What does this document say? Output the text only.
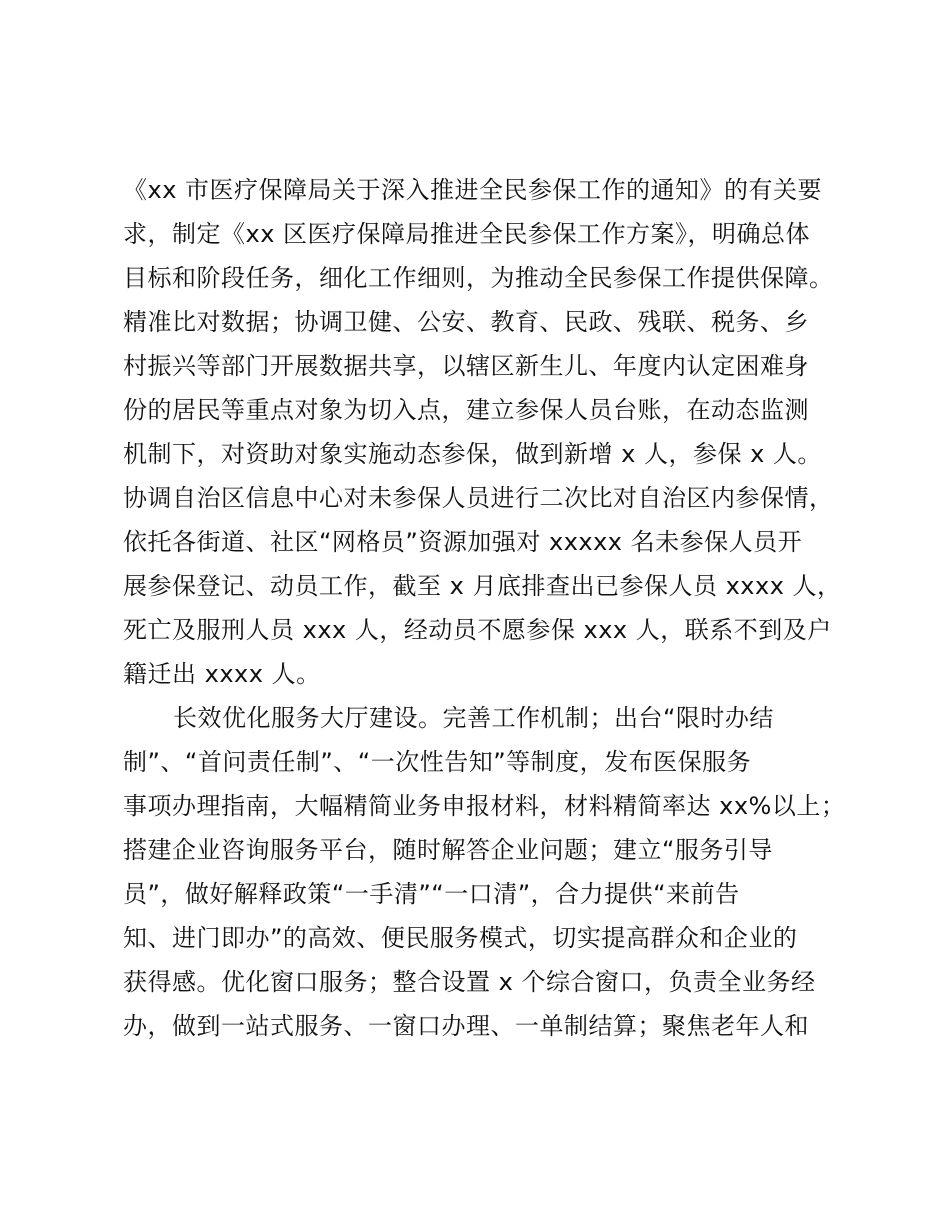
《xx 市医疗保障局关于深入推进全民参保工作的通知》的有关要
求，制定《xx 区医疗保障局推进全民参保工作方案》，明确总体
目标和阶段任务，细化工作细则，为推动全民参保工作提供保障。
精准比对数据；协调卫健、公安、教育、民政、残联、税务、乡
村振兴等部门开展数据共享，以辖区新生儿、年度内认定困难身
份的居民等重点对象为切入点，建立参保人员台账，在动态监测
机制下，对资助对象实施动态参保，做到新增 x 人，参保 x 人。
协调自治区信息中心对未参保人员进行二次比对自治区内参保情，
依托各街道、社区“网格员”资源加强对 xxxxx 名未参保人员开
展参保登记、动员工作，截至 x 月底排查出已参保人员 xxxx 人，
死亡及服刑人员 xxx 人，经动员不愿参保 xxx 人，联系不到及户
籍迁出 xxxx 人。
长效优化服务大厅建设。完善工作机制；出台“限时办结
制”、“首问责任制”、“一次性告知”等制度，发布医保服务
事项办理指南，大幅精简业务申报材料，材料精简率达 xx%以上；
搭建企业咨询服务平台，随时解答企业问题；建立“服务引导
员”，做好解释政策“一手清”“一口清”，合力提供“来前告
知、进门即办”的高效、便民服务模式，切实提高群众和企业的
获得感。优化窗口服务；整合设置 x 个综合窗口，负责全业务经
办，做到一站式服务、一窗口办理、一单制结算；聚焦老年人和
